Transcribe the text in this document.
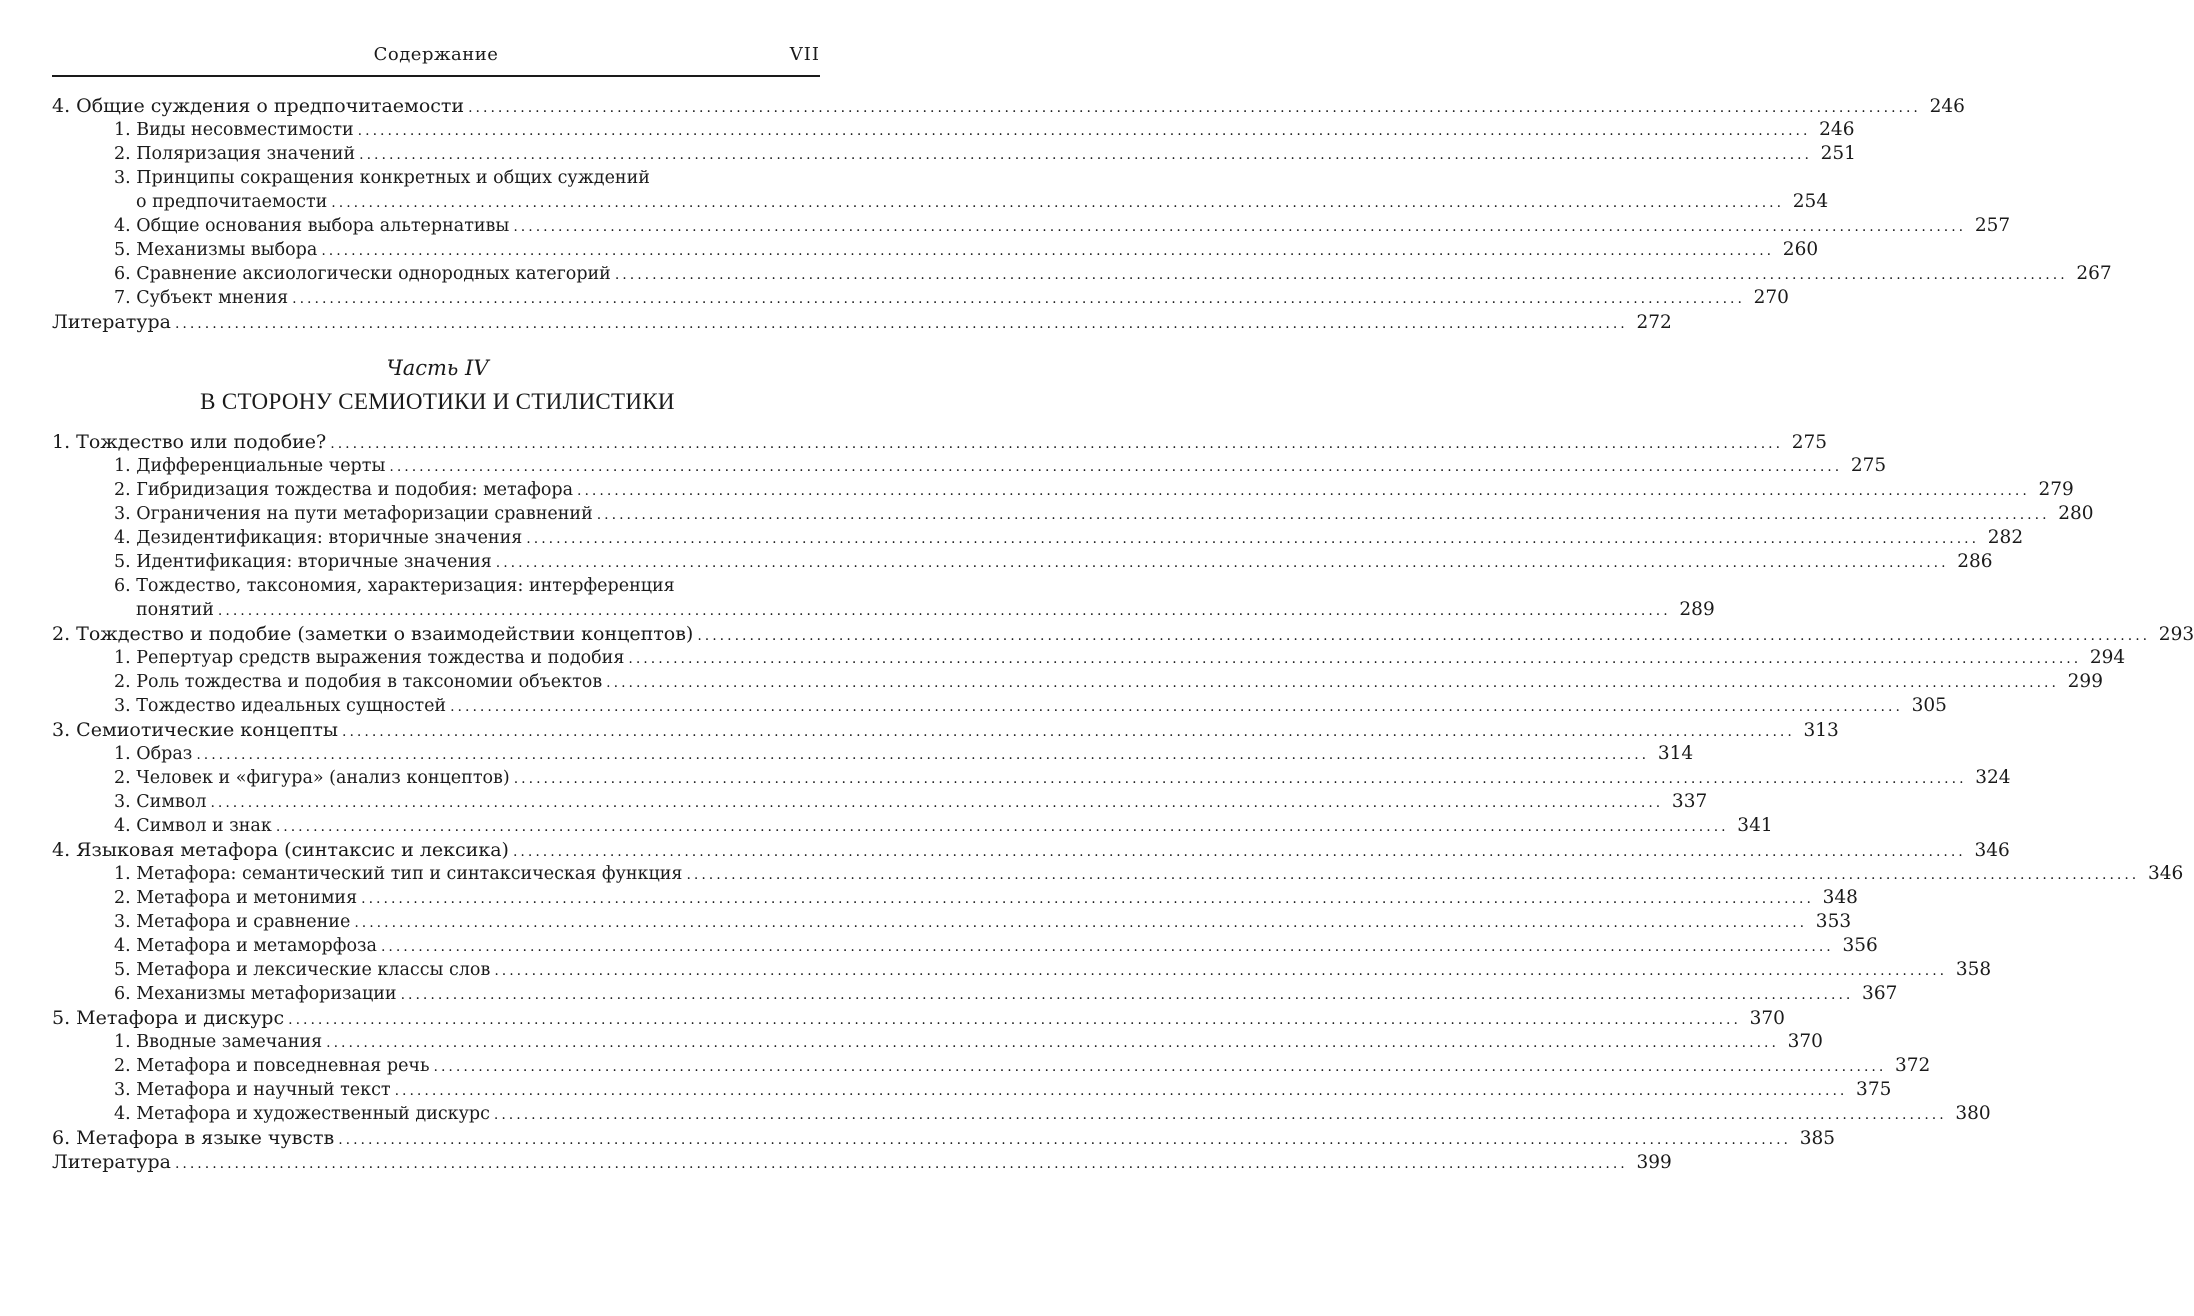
Содержание	VII
4. Общие суждения о предпочитаемости .....	246
1. Виды несовместимости .....	246
2. Поляризация значений .....	251
3. Принципы сокращения конкретных и общих суждений
о предпочитаемости .....	254
4. Общие основания выбора альтернативы .....	257
5. Механизмы выбора .....	260
6. Сравнение аксиологически однородных категорий .....	267
7. Субъект мнения .....	270
Литература .....	272
Часть IV
В СТОРОНУ СЕМИОТИКИ И СТИЛИСТИКИ
1. Тождество или подобие? .....	275
1. Дифференциальные черты .....	275
2. Гибридизация тождества и подобия: метафора .....	279
3. Ограничения на пути метафоризации сравнений .....	280
4. Дезидентификация: вторичные значения .....	282
5. Идентификация: вторичные значения .....	286
6. Тождество, таксономия, характеризация: интерференция
понятий .....	289
2. Тождество и подобие (заметки о взаимодействии концептов) .....	293
1. Репертуар средств выражения тождества и подобия .....	294
2. Роль тождества и подобия в таксономии объектов .....	299
3. Тождество идеальных сущностей .....	305
3. Семиотические концепты .....	313
1. Образ .....	314
2. Человек и «фигура» (анализ концептов) .....	324
3. Символ .....	337
4. Символ и знак .....	341
4. Языковая метафора (синтаксис и лексика) .....	346
1. Метафора: семантический тип и синтаксическая функция .....	346
2. Метафора и метонимия .....	348
3. Метафора и сравнение .....	353
4. Метафора и метаморфоза .....	356
5. Метафора и лексические классы слов .....	358
6. Механизмы метафоризации .....	367
5. Метафора и дискурс .....	370
1. Вводные замечания .....	370
2. Метафора и повседневная речь .....	372
3. Метафора и научный текст .....	375
4. Метафора и художественный дискурс .....	380
6. Метафора в языке чувств .....	385
Литература .....	399
